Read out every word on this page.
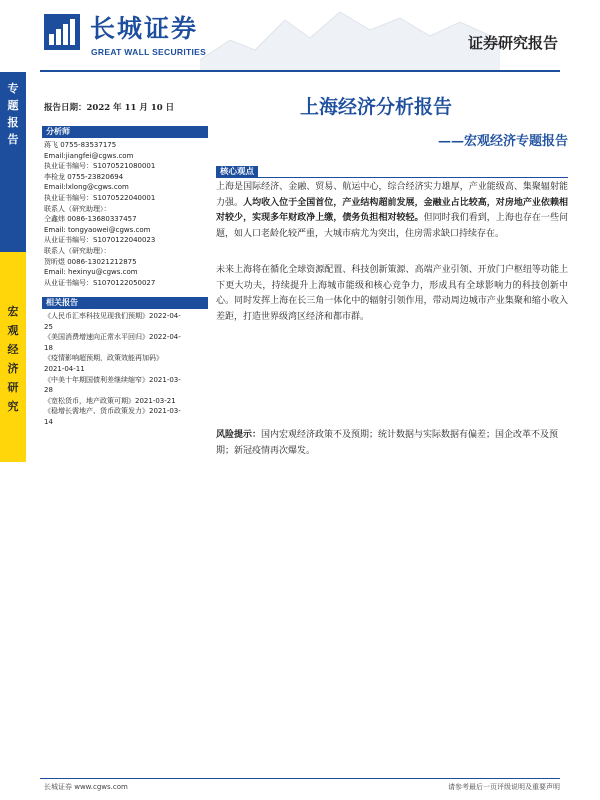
长城证券
GREAT WALL SECURITIES	证券研究报告
专
题
报
告
宏
观
经
济
研
究
报告日期：2022 年 11 月 10 日	上海经济分析报告
——宏观经济专题报告
分析师
蒋飞 0755-83537175
Email:jiangfei@cgws.com
执业证书编号：S1070521080001
李检龙 0755-23820694
Email:lxlong@cgws.com
执业证书编号：S1070522040001
联系人（研究助理）：
仝鑫炜 0086-13680337457
Email: tongyaowei@cgws.com
从业证书编号：S1070122040023
联系人（研究助理）：
贺昕煜 0086-13021212875
Email: hexinyu@cgws.com
从业证书编号：S1070122050027
相关报告
《人民币汇率科技见现我们预期》2022-04-
25
《美国消费增速向正常水平回归》2022-04-
18
《疫情影响超预期，政策效能再加码》
2021-04-11
《中美十年期国债利差继续缩窄》2021-03-
28
《宽松货币，地产政策可期》2021-03-21
《稳增长需地产、货币政策发力》2021-03-
14
核心观点
上海是国际经济、金融、贸易、航运中心，综合经济实力雄厚，产业能级高、集聚辐射能力强。人均收入位于全国首位，产业结构超前发展，金融业占比较高，对房地产业依赖相对较少，实现多年财政净上缴，债务负担相对较轻。但同时我们看到，上海也存在一些问题，如人口老龄化较严重，大城市病尤为突出，住房需求缺口持续存在。
未来上海将在循化全球资源配置、科技创新策源、高端产业引领、开放门户枢纽等功能上下更大功夫，持续提升上海城市能级和核心竞争力，形成具有全球影响力的科技创新中心。同时发挥上海在长三角一体化中的辐射引领作用，带动周边城市产业集聚和缩小收入差距，打造世界级湾区经济和都市群。
风险提示：国内宏观经济政策不及预期；统计数据与实际数据有偏差；国企改革不及预期；新冠疫情再次爆发。
长城证券 www.cgws.com	请参考最后一页评级说明及重要声明
